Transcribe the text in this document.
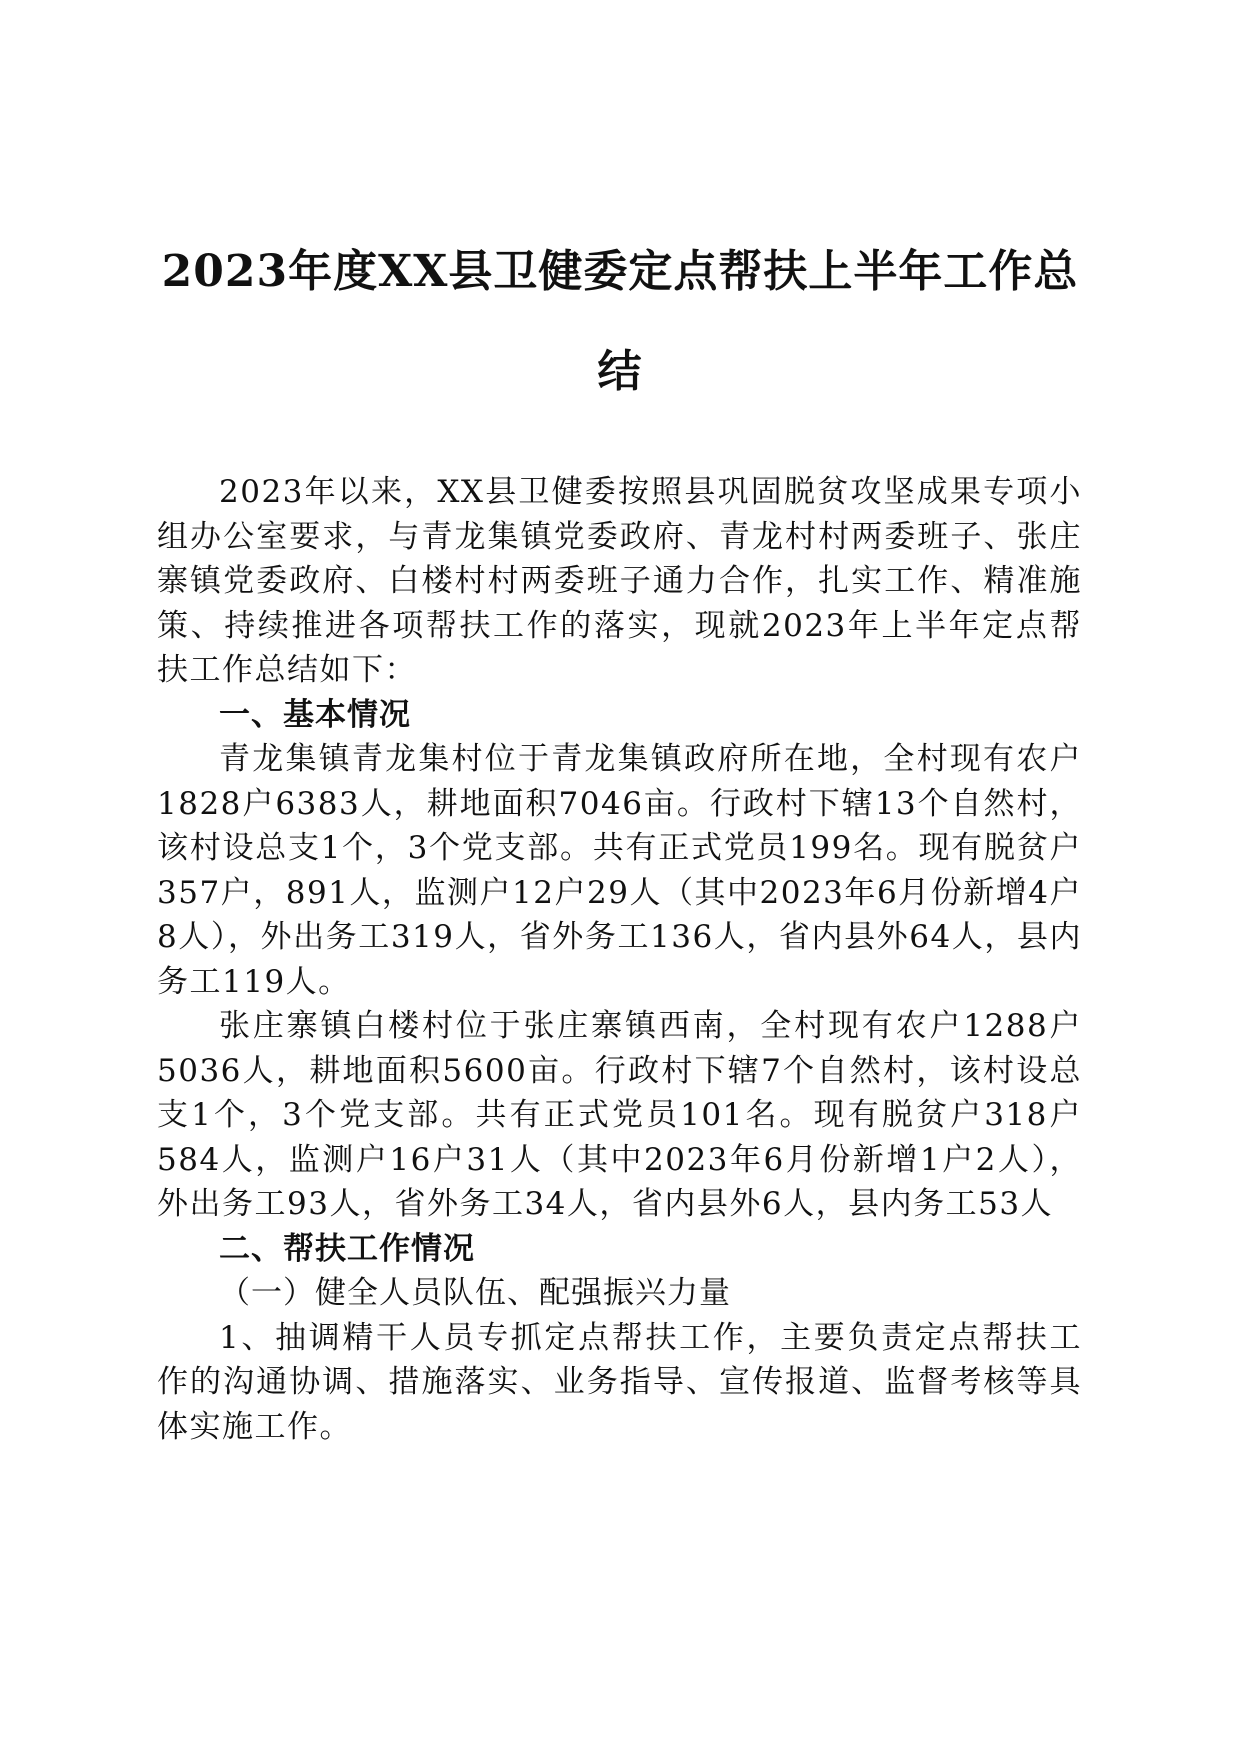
2023年度XX县卫健委定点帮扶上半年工作总结

2023年以来，XX县卫健委按照县巩固脱贫攻坚成果专项小组办公室要求，与青龙集镇党委政府、青龙村村两委班子、张庄寨镇党委政府、白楼村村两委班子通力合作，扎实工作、精准施策、持续推进各项帮扶工作的落实，现就2023年上半年定点帮扶工作总结如下：

一、基本情况

青龙集镇青龙集村位于青龙集镇政府所在地，全村现有农户1828户6383人，耕地面积7046亩。行政村下辖13个自然村，该村设总支1个，3个党支部。共有正式党员199名。现有脱贫户357户，891人，监测户12户29人（其中2023年6月份新增4户8人），外出务工319人，省外务工136人，省内县外64人，县内务工119人。

张庄寨镇白楼村位于张庄寨镇西南，全村现有农户1288户5036人，耕地面积5600亩。行政村下辖7个自然村，该村设总支1个，3个党支部。共有正式党员101名。现有脱贫户318户584人，监测户16户31人（其中2023年6月份新增1户2人），外出务工93人，省外务工34人，省内县外6人，县内务工53人

二、帮扶工作情况

（一）健全人员队伍、配强振兴力量

1、抽调精干人员专抓定点帮扶工作，主要负责定点帮扶工作的沟通协调、措施落实、业务指导、宣传报道、监督考核等具体实施工作。
